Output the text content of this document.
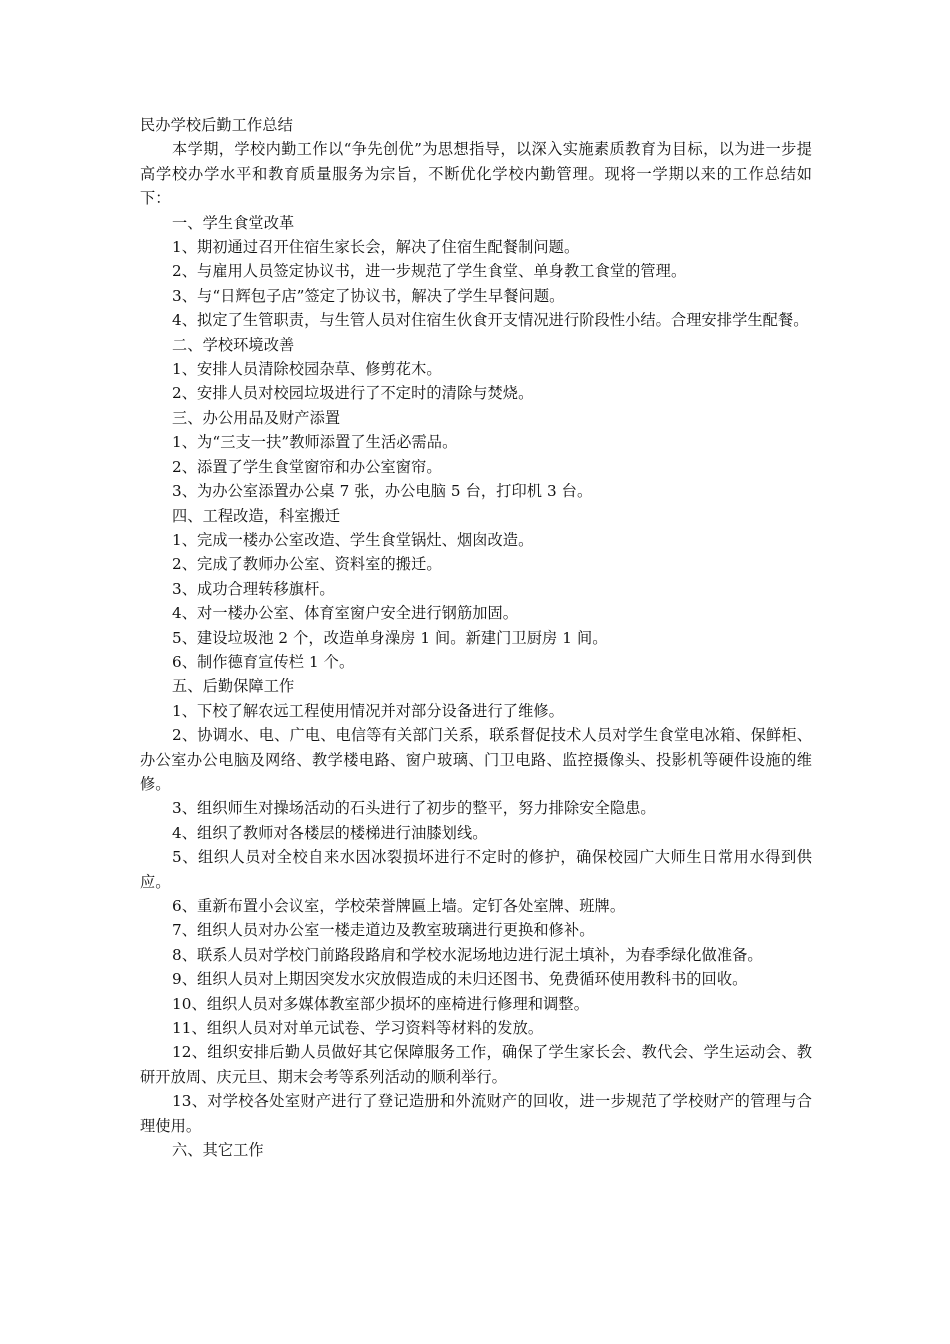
民办学校后勤工作总结

本学期，学校内勤工作以“争先创优”为思想指导，以深入实施素质教育为目标，以为进一步提高学校办学水平和教育质量服务为宗旨，不断优化学校内勤管理。现将一学期以来的工作总结如下：

一、学生食堂改革

1、期初通过召开住宿生家长会，解决了住宿生配餐制问题。

2、与雇用人员签定协议书，进一步规范了学生食堂、单身教工食堂的管理。

3、与“日辉包子店”签定了协议书，解决了学生早餐问题。

4、拟定了生管职责，与生管人员对住宿生伙食开支情况进行阶段性小结。合理安排学生配餐。

二、学校环境改善

1、安排人员清除校园杂草、修剪花木。

2、安排人员对校园垃圾进行了不定时的清除与焚烧。

三、办公用品及财产添置

1、为“三支一扶”教师添置了生活必需品。

2、添置了学生食堂窗帘和办公室窗帘。

3、为办公室添置办公桌 7 张，办公电脑 5 台，打印机 3 台。

四、工程改造，科室搬迁

1、完成一楼办公室改造、学生食堂锅灶、烟囱改造。

2、完成了教师办公室、资料室的搬迁。

3、成功合理转移旗杆。

4、对一楼办公室、体育室窗户安全进行钢筋加固。

5、建设垃圾池 2 个，改造单身澡房 1 间。新建门卫厨房 1 间。

6、制作德育宣传栏 1 个。

五、后勤保障工作

1、下校了解农远工程使用情况并对部分设备进行了维修。

2、协调水、电、广电、电信等有关部门关系，联系督促技术人员对学生食堂电冰箱、保鲜柜、办公室办公电脑及网络、教学楼电路、窗户玻璃、门卫电路、监控摄像头、投影机等硬件设施的维修。

3、组织师生对操场活动的石头进行了初步的整平，努力排除安全隐患。

4、组织了教师对各楼层的楼梯进行油膝划线。

5、组织人员对全校自来水因冰裂损坏进行不定时的修护，确保校园广大师生日常用水得到供应。

6、重新布置小会议室，学校荣誉牌匾上墙。定钉各处室牌、班牌。

7、组织人员对办公室一楼走道边及教室玻璃进行更换和修补。

8、联系人员对学校门前路段路肩和学校水泥场地边进行泥土填补，为春季绿化做准备。

9、组织人员对上期因突发水灾放假造成的未归还图书、免费循环使用教科书的回收。

10、组织人员对多媒体教室部少损坏的座椅进行修理和调整。

11、组织人员对对单元试卷、学习资料等材料的发放。

12、组织安排后勤人员做好其它保障服务工作，确保了学生家长会、教代会、学生运动会、教研开放周、庆元旦、期末会考等系列活动的顺利举行。

13、对学校各处室财产进行了登记造册和外流财产的回收，进一步规范了学校财产的管理与合理使用。

六、其它工作
